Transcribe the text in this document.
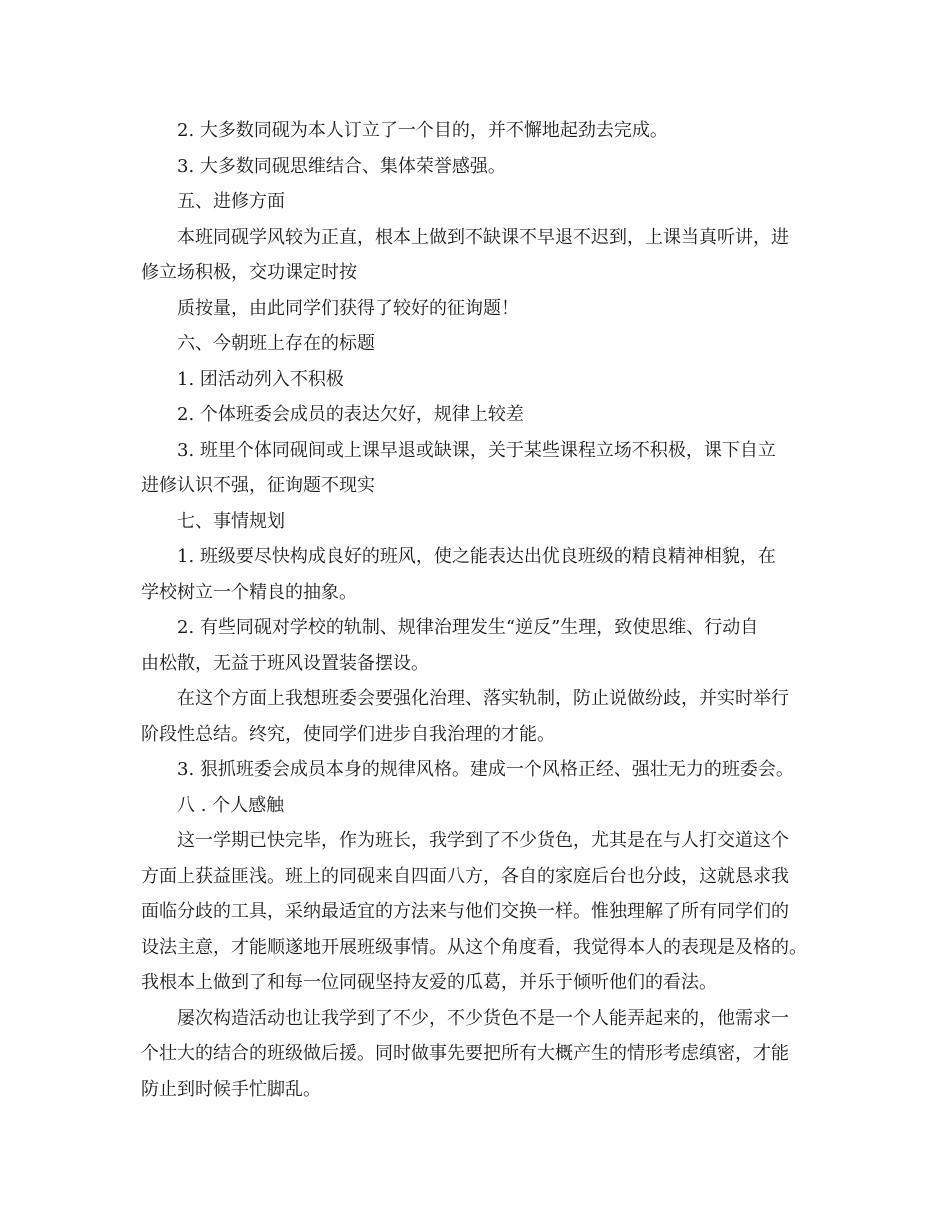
2. 大多数同砚为本人订立了一个目的，并不懈地起劲去完成。

3. 大多数同砚思维结合、集体荣誉感强。

五、进修方面

本班同砚学风较为正直，根本上做到不缺课不早退不迟到，上课当真听讲，进

修立场积极，交功课定时按

质按量，由此同学们获得了较好的征询题！

六、今朝班上存在的标题

1. 团活动列入不积极

2. 个体班委会成员的表达欠好，规律上较差

3. 班里个体同砚间或上课早退或缺课，关于某些课程立场不积极，课下自立

进修认识不强，征询题不现实

七、事情规划

1. 班级要尽快构成良好的班风，使之能表达出优良班级的精良精神相貌，在

学校树立一个精良的抽象。

2. 有些同砚对学校的轨制、规律治理发生“逆反”生理，致使思维、行动自

由松散，无益于班风设置装备摆设。

在这个方面上我想班委会要强化治理、落实轨制，防止说做纷歧，并实时举行

阶段性总结。终究，使同学们进步自我治理的才能。

3. 狠抓班委会成员本身的规律风格。建成一个风格正经、强壮无力的班委会。

八 . 个人感触

这一学期已快完毕，作为班长，我学到了不少货色，尤其是在与人打交道这个

方面上获益匪浅。班上的同砚来自四面八方，各自的家庭后台也分歧，这就恳求我

面临分歧的工具，采纳最适宜的方法来与他们交换一样。惟独理解了所有同学们的

设法主意，才能顺遂地开展班级事情。从这个角度看，我觉得本人的表现是及格的。

我根本上做到了和每一位同砚坚持友爱的瓜葛，并乐于倾听他们的看法。

屡次构造活动也让我学到了不少，不少货色不是一个人能弄起来的，他需求一

个壮大的结合的班级做后援。同时做事先要把所有大概产生的情形考虑缜密，才能

防止到时候手忙脚乱。
